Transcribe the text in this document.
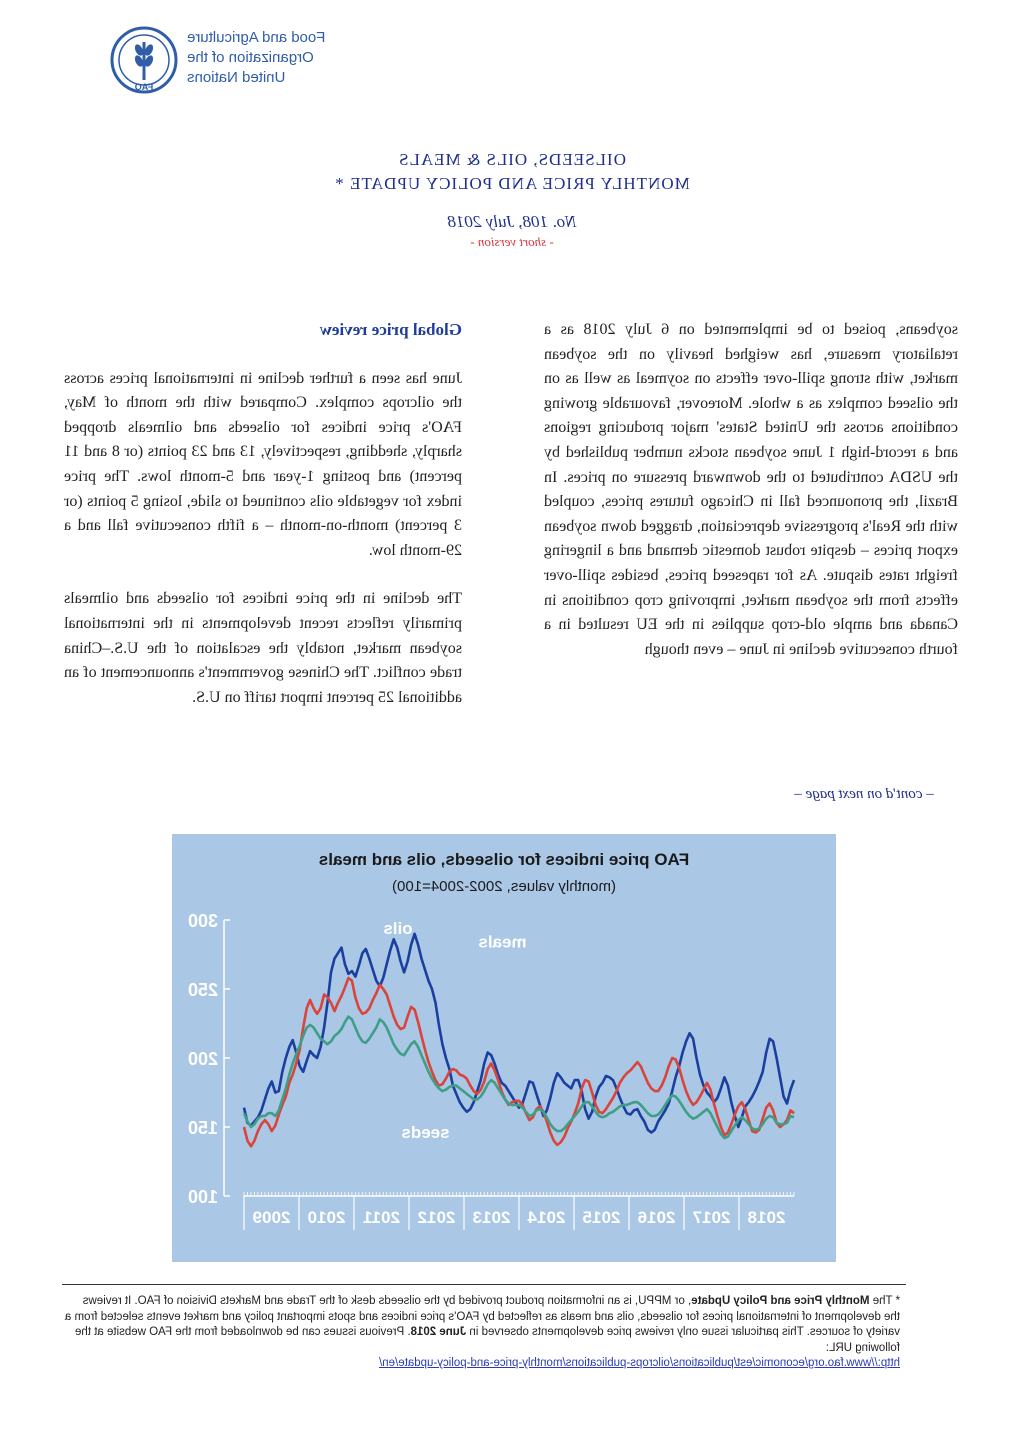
Food and Agriculture
Organization of the
United Nations
FAO
OILSEEDS, OILS & MEALS
MONTHLY PRICE AND POLICY UPDATE *
No. 108, July 2018
- short version -
Global price review

June has seen a further decline in international prices across the oilcrops complex. Compared with the month of May, FAO's price indices for oilseeds and oilmeals dropped sharply, shedding, respectively, 13 and 23 points (or 8 and 11 percent) and posting 1-year and 5-month lows. The price index for vegetable oils continued to slide, losing 5 points (or 3 percent) month-on-month – a fifth consecutive fall and a 29-month low.

The decline in the price indices for oilseeds and oilmeals primarily reflects recent developments in the international soybean market, notably the escalation of the U.S.–China trade conflict. The Chinese government's announcement of an additional 25 percent import tariff on U.S.

soybeans, poised to be implemented on 6 July 2018 as a retaliatory measure, has weighed heavily on the soybean market, with strong spill-over effects on soymeal as well as on the oilseed complex as a whole. Moreover, favourable growing conditions across the United States' major producing regions and a record-high 1 June soybean stocks number published by the USDA contributed to the downward pressure on prices. In Brazil, the pronounced fall in Chicago futures prices, coupled with the Real's progressive depreciation, dragged down soybean export prices – despite robust domestic demand and a lingering freight rates dispute. As for rapeseed prices, besides spill-over effects from the soybean market, improving crop conditions in Canada and ample old-crop supplies in the EU resulted in a fourth consecutive decline in June – even though

– cont'd on next page –
FAO price indices for oilseeds, oils and meals
(monthly values, 2002-2004=100)
100
150
200
250
300
2009 2010 2011 2012 2013 2014 2015 2016 2017 2018
meals
oils
seeds
* The Monthly Price and Policy Update, or MPPU, is an information product provided by the oilseeds desk of the Trade and Markets Division of FAO. It reviews the development of international prices for oilseeds, oils and meals as reflected by FAO's price indices and spots important policy and market events selected from a variety of sources. This particular issue only reviews price developments observed in June 2018. Previous issues can be downloaded from the FAO website at the following URL:
http://www.fao.org/economic/est/publications/oilcrops-publications/monthly-price-and-policy-update/en/
